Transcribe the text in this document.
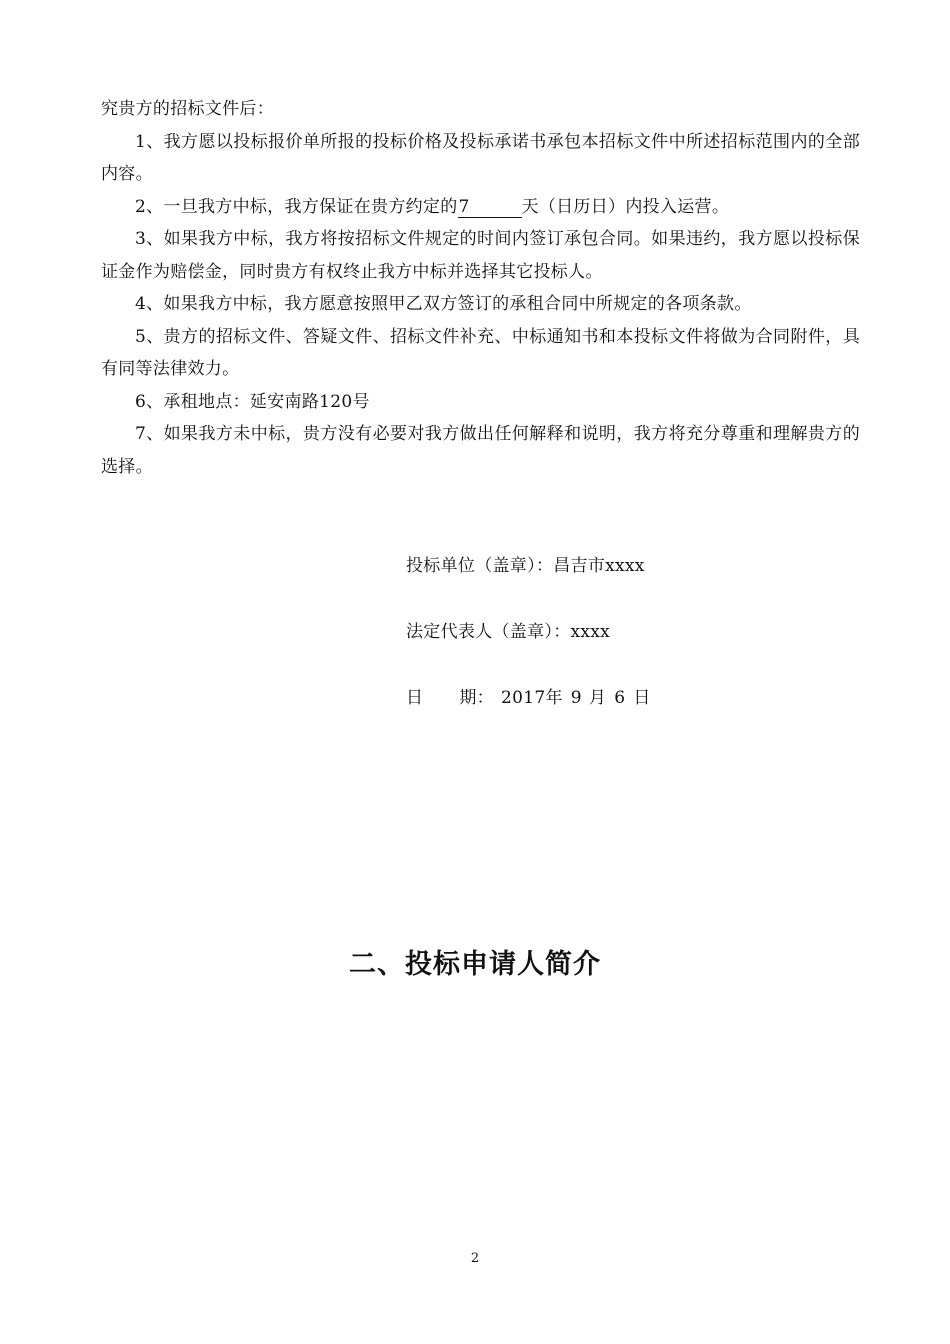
究贵方的招标文件后：

1、我方愿以投标报价单所报的投标价格及投标承诺书承包本招标文件中所述招标范围内的全部内容。

2、一旦我方中标，我方保证在贵方约定的7	天（日历日）内投入运营。

3、如果我方中标，我方将按招标文件规定的时间内签订承包合同。如果违约，我方愿以投标保证金作为赔偿金，同时贵方有权终止我方中标并选择其它投标人。

4、如果我方中标，我方愿意按照甲乙双方签订的承租合同中所规定的各项条款。

5、贵方的招标文件、答疑文件、招标文件补充、中标通知书和本投标文件将做为合同附件，具有同等法律效力。

6、承租地点：延安南路120号

7、如果我方未中标，贵方没有必要对我方做出任何解释和说明，我方将充分尊重和理解贵方的选择。

投标单位（盖章）：昌吉市xxxx
法定代表人（盖章）：xxxx
日 期： 2017年 9 月 6 日
二、投标申请人简介
2
